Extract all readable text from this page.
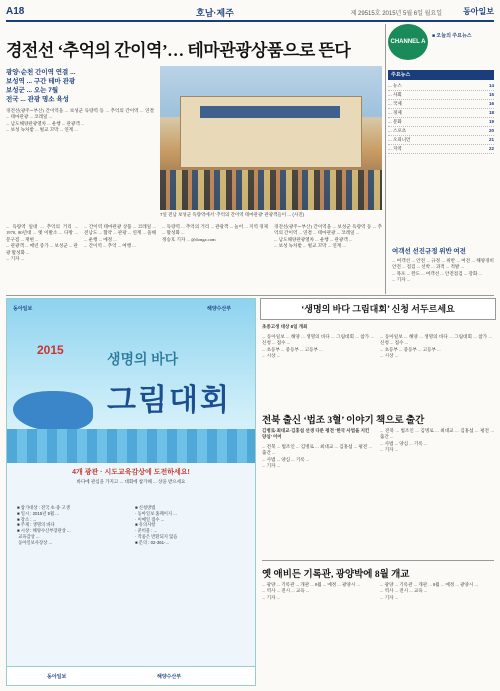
A18	호남·제주	제 29515호 2015년 5월 6일 월요일	동아일보
경전선 ‘추억의 간이역’… 테마관광상품으로 뜬다
광양·순천 간이역 연결 ...
보성역 ... 구간 테마 관광
보성군 ... 오는 7월
전국 ... 관광 명소 육성
경전선(광주∼부산) 간이역을 ... 보성군 득량역 등 ... 추억의 간이역 ... 연결 ... 테마관광 ... 코레일 ...
... 남도해양관광열차 ... 운행 ... 관광객 ...
... 보성 녹차밭 ... 벌교 꼬막 ... 연계 ...
7일 전남 보성군 득량역에서 ‘추억의 간이역 테마관광’ 관광객들이 ... (사진)
... 득량역 일대 ... 추억의 거리 ... 1970, 80년대 ... 옛 이발소 ... 다방 ... 문구점 ... 재현 ...
... 관광객 ... 매년 증가 ... 보성군 ... 관광 활성화 ...
... 기자 ...
... 간이역 테마관광 상품 ... 코레일 ... 전남도 ... 협약 ... 관광 ... 연계 ... 올해 ... 운행 ... 예정 ...
... 간이역 ... 추억 ... 여행 ...
... 득량역 ... 추억의 거리 ... 관광객 ... 늘어 ... 지역 경제 ... 활성화 ...
정승호 기자 ... @donga.com
경전선(광주∼부산) 간이역을 ... 보성군 득량역 등 ... 추억의 간이역 ... 연결 ... 테마관광 ... 코레일 ...
... 남도해양관광열차 ... 운행 ... 관광객 ...
... 보성 녹차밭 ... 벌교 꼬막 ... 연계 ...
CHANNEL A
■ 오늘의 주요뉴스
주요뉴스
... 뉴스	14
... 사회	15
... 국제	16
... 경제	18
... 문화	19
... 스포츠	20
... 오피니언	21
... 지역	22
여객선 선진규정 위반 여전
... 여객선 ... 안전 ... 규정 ... 위반 ... 여전 ... 해양경비안전 ... 점검 ... 선박 ... 과적 ... 적발 ...
... 목포 ... 완도 ... 여객선 ... 안전점검 ... 강화 ...
... 기자 ...
동아일보	해양수산부
2015
생명의 바다
그림대회
4개 광관 · 시도교육감상에 도전하세요!
바다에 관심을 가지고 ... 대회에 참가해 ... 상을 받으세요
■ 참가대상 : 전국 초·중·고생
■ 일시 : 2015년 5월 ...
■ 장소 : ...
■ 주제 : 생명의 바다
■ 시상 : 해양수산부장관상 ...
교육감상 ...
동아일보사장상 ...
■ 신청방법
· 동아일보 홈페이지 ...
· 이메일 접수 ...
■ 유의사항
· 준비물 : ...
· 작품은 반환되지 않음
■ 문의 : 02-361-...
동아일보	해양수산부
‘생명의 바다 그림대회’ 신청 서두르세요
초중고생 대상 8일 개최
... 동아일보 ... 해양 ... 생명의 바다 ... 그림대회 ... 참가 ... 신청 ... 접수 ...
... 초등부 ... 중등부 ... 고등부 ...
... 시상 ...
... 동아일보 ... 해양 ... 생명의 바다 ... 그림대회 ... 참가 ... 신청 ... 접수 ...
... 초등부 ... 중등부 ... 고등부 ...
... 시상 ...
전북 출신 ‘법조 3혈’ 이야기 책으로 출간
김병로·최대교·김홍섭 선생 다룬 평전 ‘한국 사법을 지킨 양심’ 이어
... 전북 ... 법조인 ... 김병로 ... 최대교 ... 김홍섭 ... 평전 ... 출간 ...
... 사법 ... 양심 ... 기록 ...
... 기자 ...
... 전북 ... 법조인 ... 김병로 ... 최대교 ... 김홍섭 ... 평전 ... 출간 ...
... 사법 ... 양심 ... 기록 ...
... 기자 ...
옛 애비든 기록관, 광양박에 8월 개교
... 광양 ... 기록관 ... 개관 ... 8월 ... 예정 ... 광양시 ...
... 역사 ... 전시 ... 교육 ...
... 기자 ...
... 광양 ... 기록관 ... 개관 ... 8월 ... 예정 ... 광양시 ...
... 역사 ... 전시 ... 교육 ...
... 기자 ...
